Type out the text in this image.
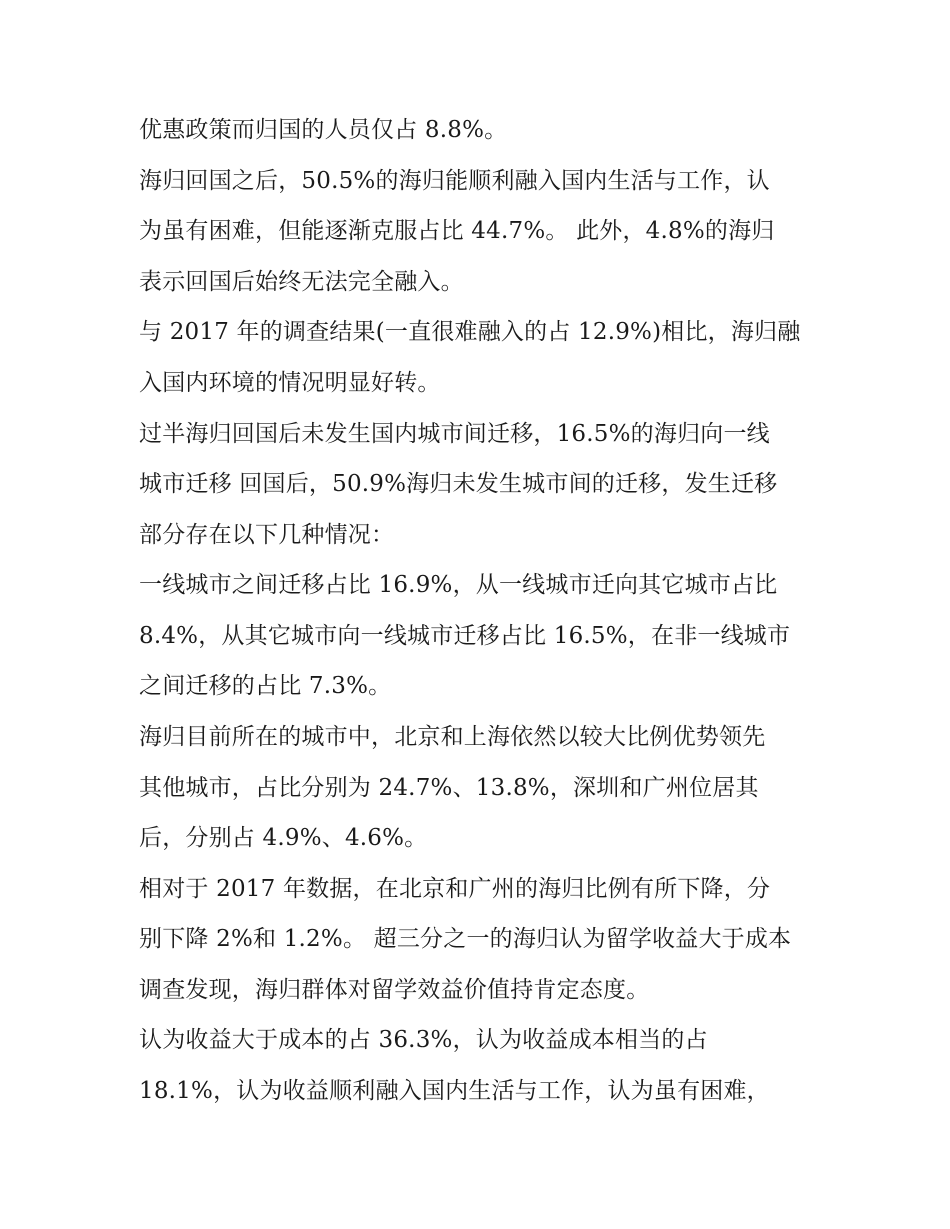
优惠政策而归国的人员仅占 8.8%。
海归回国之后，50.5%的海归能顺利融入国内生活与工作，认
为虽有困难，但能逐渐克服占比 44.7%。 此外，4.8%的海归
表示回国后始终无法完全融入。
与 2017 年的调查结果(一直很难融入的占 12.9%)相比，海归融
入国内环境的情况明显好转。
过半海归回国后未发生国内城市间迁移，16.5%的海归向一线
城市迁移 回国后，50.9%海归未发生城市间的迁移，发生迁移
部分存在以下几种情况：
一线城市之间迁移占比 16.9%，从一线城市迁向其它城市占比
8.4%，从其它城市向一线城市迁移占比 16.5%，在非一线城市
之间迁移的占比 7.3%。
海归目前所在的城市中，北京和上海依然以较大比例优势领先
其他城市，占比分别为 24.7%、13.8%，深圳和广州位居其
后，分别占 4.9%、4.6%。
相对于 2017 年数据，在北京和广州的海归比例有所下降，分
别下降 2%和 1.2%。 超三分之一的海归认为留学收益大于成本
调查发现，海归群体对留学效益价值持肯定态度。
认为收益大于成本的占 36.3%，认为收益成本相当的占
18.1%，认为收益顺利融入国内生活与工作，认为虽有困难，
